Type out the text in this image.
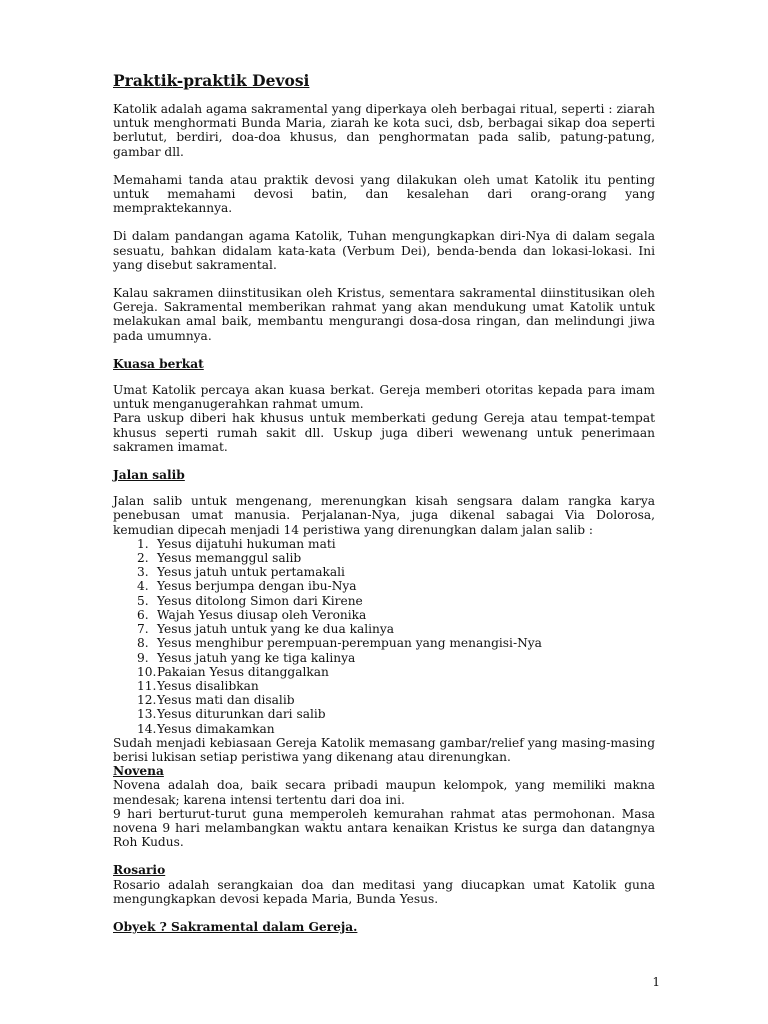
Praktik-praktik Devosi

Katolik adalah agama sakramental yang diperkaya oleh berbagai ritual, seperti : ziarah untuk menghormati Bunda Maria, ziarah ke kota suci, dsb, berbagai sikap doa seperti berlutut, berdiri, doa-doa khusus, dan penghormatan pada salib, patung-patung, gambar dll.

Memahami tanda atau praktik devosi yang dilakukan oleh umat Katolik itu penting untuk memahami devosi batin, dan kesalehan dari orang-orang yang mempraktekannya.

Di dalam pandangan agama Katolik, Tuhan mengungkapkan diri-Nya di dalam segala sesuatu, bahkan didalam kata-kata (Verbum Dei), benda-benda dan lokasi-lokasi. Ini yang disebut sakramental.

Kalau sakramen diinstitusikan oleh Kristus, sementara sakramental diinstitusikan oleh Gereja. Sakramental memberikan rahmat yang akan mendukung umat Katolik untuk melakukan amal baik, membantu mengurangi dosa-dosa ringan, dan melindungi jiwa pada umumnya.

Kuasa berkat

Umat Katolik percaya akan kuasa berkat. Gereja memberi otoritas kepada para imam untuk menganugerahkan rahmat umum.

Para uskup diberi hak khusus untuk memberkati gedung Gereja atau tempat-tempat khusus seperti rumah sakit dll. Uskup juga diberi wewenang untuk penerimaan sakramen imamat.

Jalan salib

Jalan salib untuk mengenang, merenungkan kisah sengsara dalam rangka karya penebusan umat manusia. Perjalanan-Nya, juga dikenal sabagai Via Dolorosa, kemudian dipecah menjadi 14 peristiwa yang direnungkan dalam jalan salib :

1. Yesus dijatuhi hukuman mati
2. Yesus memanggul salib
3. Yesus jatuh untuk pertamakali
4. Yesus berjumpa dengan ibu-Nya
5. Yesus ditolong Simon dari Kirene
6. Wajah Yesus diusap oleh Veronika
7. Yesus jatuh untuk yang ke dua kalinya
8. Yesus menghibur perempuan-perempuan yang menangisi-Nya
9. Yesus jatuh yang ke tiga kalinya
10. Pakaian Yesus ditanggalkan
11. Yesus disalibkan
12. Yesus mati dan disalib
13. Yesus diturunkan dari salib
14. Yesus dimakamkan

Sudah menjadi kebiasaan Gereja Katolik memasang gambar/relief yang masing-masing berisi lukisan setiap peristiwa yang dikenang atau direnungkan.

Novena

Novena adalah doa, baik secara pribadi maupun kelompok, yang memiliki makna mendesak; karena intensi tertentu dari doa ini.

9 hari berturut-turut guna memperoleh kemurahan rahmat atas permohonan. Masa novena 9 hari melambangkan waktu antara kenaikan Kristus ke surga dan datangnya Roh Kudus.

Rosario

Rosario adalah serangkaian doa dan meditasi yang diucapkan umat Katolik guna mengungkapkan devosi kepada Maria, Bunda Yesus.

Obyek ? Sakramental dalam Gereja.
1
